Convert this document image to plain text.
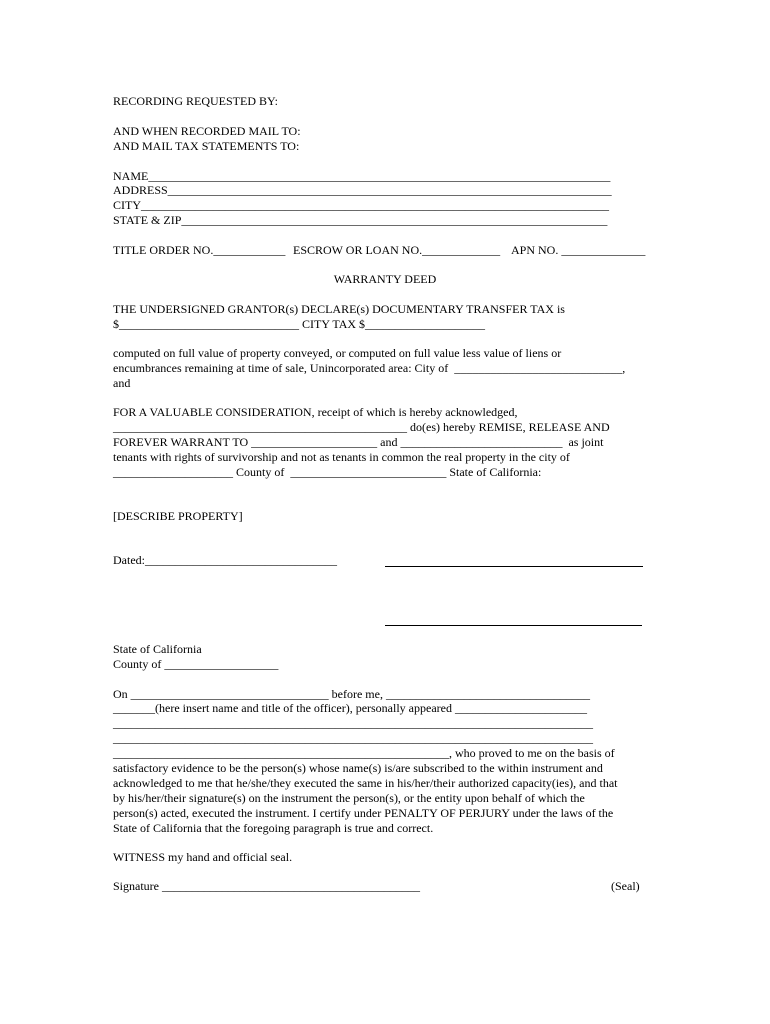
RECORDING REQUESTED BY:
AND WHEN RECORDED MAIL TO:
AND MAIL TAX STATEMENTS TO:
NAME_____________________________________________________________________________
ADDRESS__________________________________________________________________________
CITY______________________________________________________________________________
STATE & ZIP_______________________________________________________________________
TITLE ORDER NO.____________ ESCROW OR LOAN NO._____________ APN NO. ______________
WARRANTY DEED
THE UNDERSIGNED GRANTOR(s) DECLARE(s) DOCUMENTARY TRANSFER TAX is
$______________________________ CITY TAX $____________________
computed on full value of property conveyed, or computed on full value less value of liens or
encumbrances remaining at time of sale, Unincorporated area: City of  ____________________________,
and
FOR A VALUABLE CONSIDERATION, receipt of which is hereby acknowledged,
_________________________________________________ do(es) hereby REMISE, RELEASE AND
FOREVER WARRANT TO _____________________ and ___________________________  as joint
tenants with rights of survivorship and not as tenants in common the real property in the city of
____________________ County of  __________________________ State of California:
[DESCRIBE PROPERTY]
Dated:________________________________
State of California
County of ___________________
On _________________________________ before me, __________________________________
_______(here insert name and title of the officer), personally appeared ______________________
________________________________________________________________________________
________________________________________________________________________________
________________________________________________________, who proved to me on the basis of
satisfactory evidence to be the person(s) whose name(s) is/are subscribed to the within instrument and
acknowledged to me that he/she/they executed the same in his/her/their authorized capacity(ies), and that
by his/her/their signature(s) on the instrument the person(s), or the entity upon behalf of which the
person(s) acted, executed the instrument. I certify under PENALTY OF PERJURY under the laws of the
State of California that the foregoing paragraph is true and correct.
WITNESS my hand and official seal.
Signature ___________________________________________	(Seal)
